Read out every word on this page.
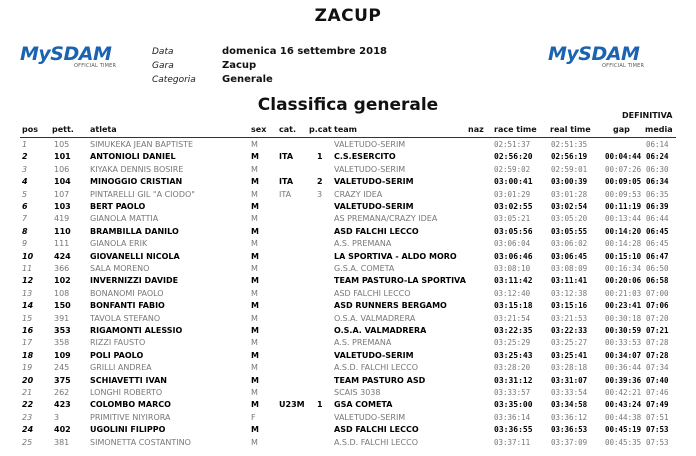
ZACUP
MySDAM
OFFICIAL TIMER
MySDAM
OFFICIAL TIMER
Data	domenica 16 settembre 2018
Gara	Zacup
Categoria	Generale
Classifica generale
DEFINITIVA
pos pett. atleta	sex cat. p.cat team	naz race time real time	gap media
1	105	SIMUKEKA JEAN BAPTISTE	M	VALETUDO-SERIM	02:51:37	02:51:35	06:14
2	101 ANTONIOLI DANIEL	M	ITA	1 C.S.ESERCITO	02:56:20 02:56:19 00:04:44 06:24
3	106	KIYAKA DENNIS BOSIRE	M	VALETUDO-SERIM	02:59:02	02:59:01 00:07:26 06:30
4	104 MINOGGIO CRISTIAN	M	ITA	2 VALETUDO-SERIM	03:00:41 03:00:39 00:09:05 06:34
5	107	PINTARELLI GIL "A CIODO"	M	ITA	3 CRAZY IDEA	03:01:29	03:01:28 00:09:53 06:35
6	103 BERT PAOLO	M	VALETUDO-SERIM	03:02:55 03:02:54 00:11:19 06:39
7	419	GIANOLA MATTIA	M	AS PREMANA/CRAZY IDEA	03:05:21	03:05:20 00:13:44 06:44
8	110 BRAMBILLA DANILO	M	ASD FALCHI LECCO	03:05:56 03:05:55 00:14:20 06:45
9	111	GIANOLA ERIK	M	A.S. PREMANA	03:06:04	03:06:02 00:14:28 06:45
10	424 GIOVANELLI NICOLA	M	LA SPORTIVA - ALDO MORO	03:06:46 03:06:45 00:15:10 06:47
11	366	SALA MORENO	M	G.S.A. COMETA	03:08:10	03:08:09 00:16:34 06:50
12	102 INVERNIZZI DAVIDE	M	TEAM PASTURO-LA SPORTIVA	03:11:42 03:11:41 00:20:06 06:58
13	108	BONANOMI PAOLO	M	ASD FALCHI LECCO	03:12:40	03:12:38 00:21:03 07:00
14	150 BONFANTI FABIO	M	ASD RUNNERS BERGAMO	03:15:18 03:15:16 00:23:41 07:06
15	391	TAVOLA STEFANO	M	O.S.A. VALMADRERA	03:21:54	03:21:53 00:30:18 07:20
16	353 RIGAMONTI ALESSIO	M	O.S.A. VALMADRERA	03:22:35 03:22:33 00:30:59 07:21
17	358	RIZZI FAUSTO	M	A.S. PREMANA	03:25:29	03:25:27 00:33:53 07:28
18	109 POLI PAOLO	M	VALETUDO-SERIM	03:25:43 03:25:41 00:34:07 07:28
19	245	GRILLI ANDREA	M	A.S.D. FALCHI LECCO	03:28:20	03:28:18 00:36:44 07:34
20	375 SCHIAVETTI IVAN	M	TEAM PASTURO ASD	03:31:12 03:31:07 00:39:36 07:40
21	262	LONGHI ROBERTO	M	SCAIS 3038	03:33:57	03:33:54 00:42:21 07:46
22	423 COLOMBO MARCO	M	U23M 1 GSA COMETA	03:35:00 03:34:58 00:43:24 07:49
23	3	PRIMITIVE NIYIRORA	F	VALETUDO-SERIM	03:36:14	03:36:12 00:44:38 07:51
24	402 UGOLINI FILIPPO	M	ASD FALCHI LECCO	03:36:55 03:36:53 00:45:19 07:53
25	381	SIMONETTA COSTANTINO	M	A.S.D. FALCHI LECCO	03:37:11	03:37:09 00:45:35 07:53
